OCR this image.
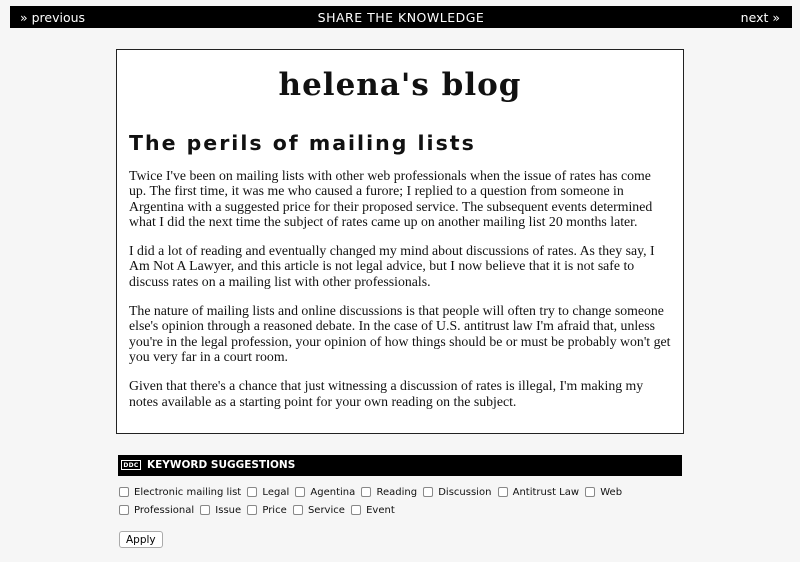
» previous	SHARE THE KNOWLEDGE	next »
helena's blog
The perils of mailing lists

Twice I've been on mailing lists with other web professionals when the issue of rates has come up. The first time, it was me who caused a furore; I replied to a question from someone in Argentina with a suggested price for their proposed service. The subsequent events determined what I did the next time the subject of rates came up on another mailing list 20 months later.

I did a lot of reading and eventually changed my mind about discussions of rates. As they say, I Am Not A Lawyer, and this article is not legal advice, but I now believe that it is not safe to discuss rates on a mailing list with other professionals.

The nature of mailing lists and online discussions is that people will often try to change someone else's opinion through a reasoned debate. In the case of U.S. antitrust law I'm afraid that, unless you're in the legal profession, your opinion of how things should be or must be probably won't get you very far in a court room.

Given that there's a chance that just witnessing a discussion of rates is illegal, I'm making my notes available as a starting point for your own reading on the subject.

DDC KEYWORD SUGGESTIONS
Electronic mailing list
Legal
Agentina
Reading
Discussion
Antitrust Law
Web

Professional
Issue
Price
Service
Event
Apply
